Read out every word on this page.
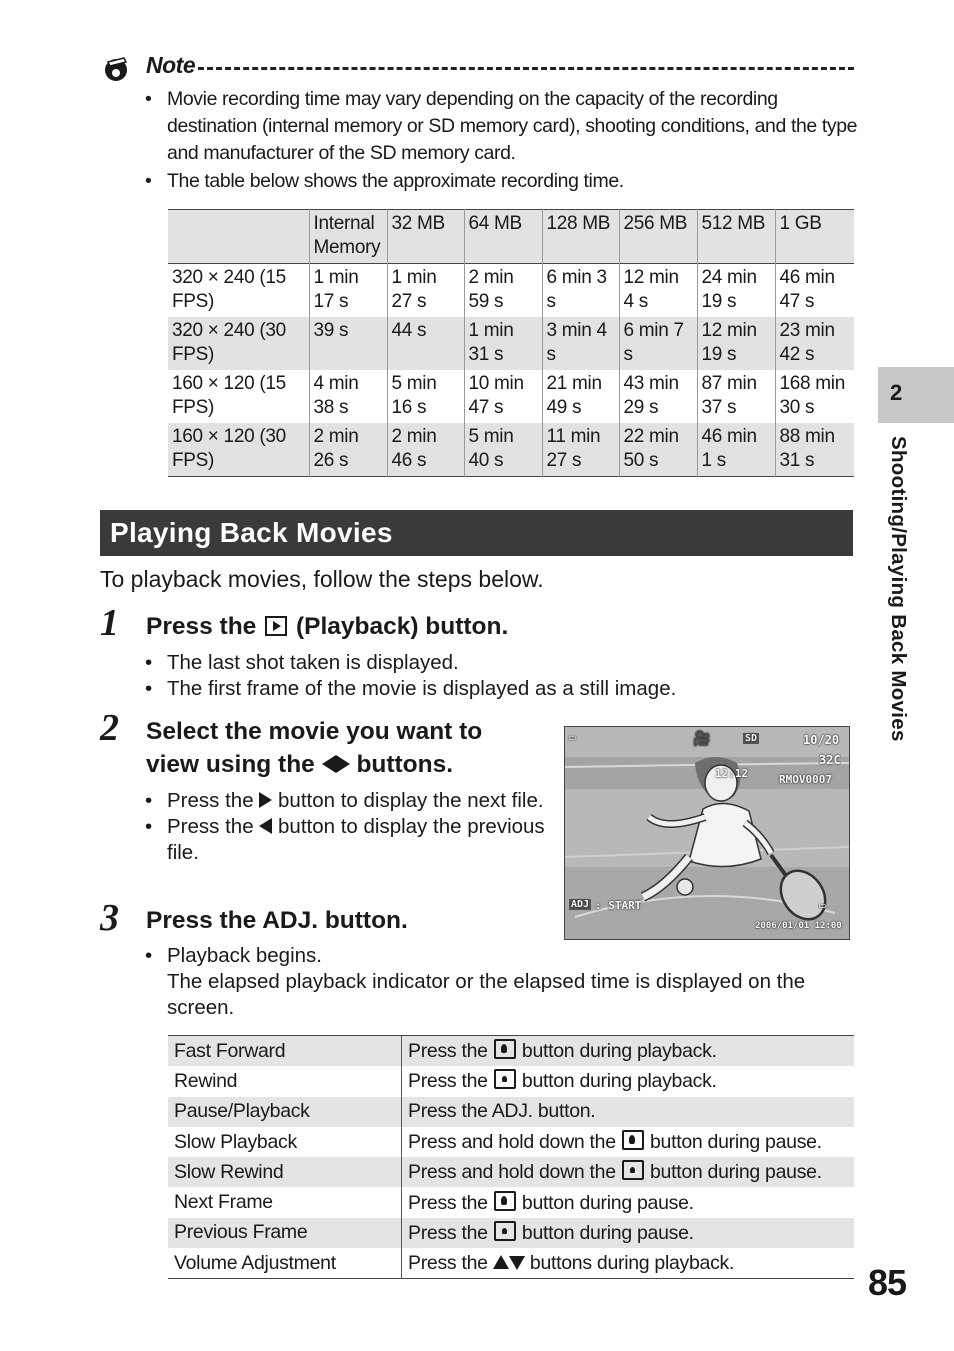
Note
• Movie recording time may vary depending on the capacity of the recording destination (internal memory or SD memory card), shooting conditions, and the type and manufacturer of the SD memory card.
• The table below shows the approximate recording time.
	Internal Memory	32 MB	64 MB	128 MB	256 MB	512 MB	1 GB
320 × 240 (15 FPS)	1 min 17 s	1 min 27 s	2 min 59 s	6 min 3 s	12 min 4 s	24 min 19 s	46 min 47 s
320 × 240 (30 FPS)	39 s	44 s	1 min 31 s	3 min 4 s	6 min 7 s	12 min 19 s	23 min 42 s
160 × 120 (15 FPS)	4 min 38 s	5 min 16 s	10 min 47 s	21 min 49 s	43 min 29 s	87 min 37 s	168 min 30 s
160 × 120 (30 FPS)	2 min 26 s	2 min 46 s	5 min 40 s	11 min 27 s	22 min 50 s	46 min 1 s	88 min 31 s
Playing Back Movies
To playback movies, follow the steps below.
1 Press the (Playback) button.
• The last shot taken is displayed.
• The first frame of the movie is displayed as a still image.
2 Select the movie you want to
view using the buttons.
• Press the button to display the next file.
• Press the button to display the previous file.
▭	🎥	SD	10/20
32C
12:12	RMOV0007
ADJ : START	▭
2006/01/01 12:00
3 Press the ADJ. button.
• Playback begins.
The elapsed playback indicator or the elapsed time is displayed on the screen.
Fast Forward	Press the button during playback.
Rewind	Press the button during playback.
Pause/Playback	Press the ADJ. button.
Slow Playback	Press and hold down the button during pause.
Slow Rewind	Press and hold down the button during pause.
Next Frame	Press the button during pause.
Previous Frame	Press the button during pause.
Volume Adjustment	Press the buttons during playback.
2
Shooting/Playing Back Movies
85
